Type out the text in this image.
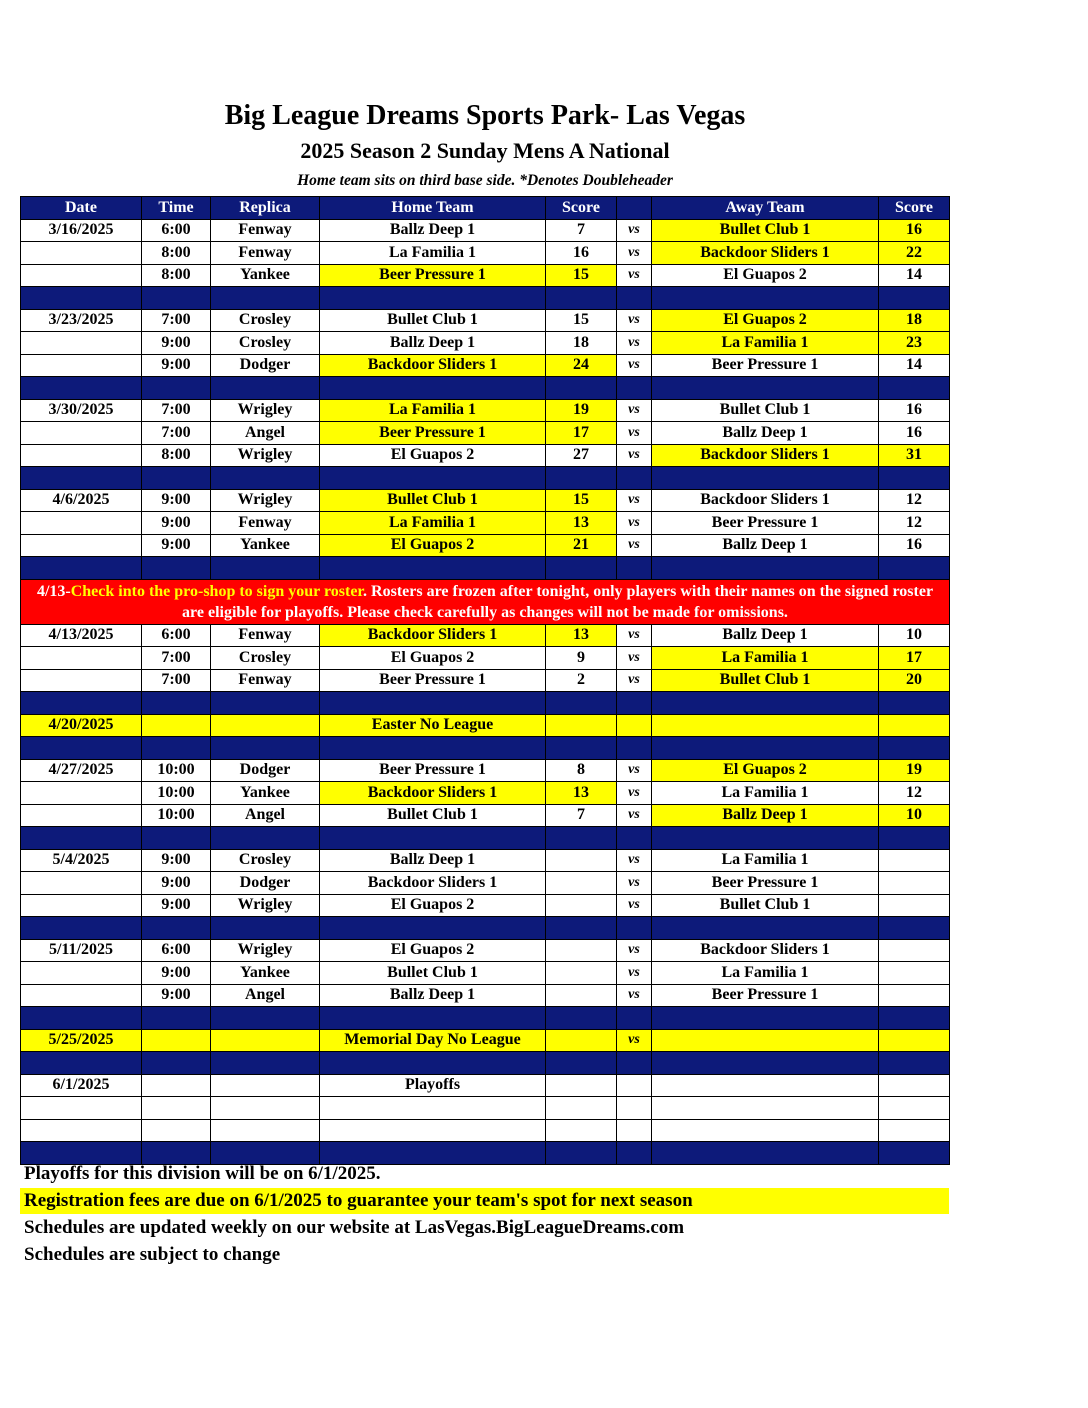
Big League Dreams Sports Park- Las Vegas
2025 Season 2 Sunday Mens A National
Home team sits on third base side. *Denotes Doubleheader
Date	Time	Replica	Home Team	Score		Away Team	Score
3/16/2025	6:00	Fenway	Ballz Deep 1	7	vs	Bullet Club 1	16
	8:00	Fenway	La Familia 1	16	vs	Backdoor Sliders 1	22
	8:00	Yankee	Beer Pressure 1	15	vs	El Guapos 2	14

3/23/2025	7:00	Crosley	Bullet Club 1	15	vs	El Guapos 2	18
	9:00	Crosley	Ballz Deep 1	18	vs	La Familia 1	23
	9:00	Dodger	Backdoor Sliders 1	24	vs	Beer Pressure 1	14

3/30/2025	7:00	Wrigley	La Familia 1	19	vs	Bullet Club 1	16
	7:00	Angel	Beer Pressure 1	17	vs	Ballz Deep 1	16
	8:00	Wrigley	El Guapos 2	27	vs	Backdoor Sliders 1	31

4/6/2025	9:00	Wrigley	Bullet Club 1	15	vs	Backdoor Sliders 1	12
	9:00	Fenway	La Familia 1	13	vs	Beer Pressure 1	12
	9:00	Yankee	El Guapos 2	21	vs	Ballz Deep 1	16

4/13-Check into the pro-shop to sign your roster. Rosters are frozen after tonight, only players with their names on the signed roster are eligible for playoffs. Please check carefully as changes will not be made for omissions.							
4/13/2025	6:00	Fenway	Backdoor Sliders 1	13	vs	Ballz Deep 1	10
	7:00	Crosley	El Guapos 2	9	vs	La Familia 1	17
	7:00	Fenway	Beer Pressure 1	2	vs	Bullet Club 1	20

4/20/2025			Easter No League				

4/27/2025	10:00	Dodger	Beer Pressure 1	8	vs	El Guapos 2	19
	10:00	Yankee	Backdoor Sliders 1	13	vs	La Familia 1	12
	10:00	Angel	Bullet Club 1	7	vs	Ballz Deep 1	10

5/4/2025	9:00	Crosley	Ballz Deep 1		vs	La Familia 1	
	9:00	Dodger	Backdoor Sliders 1		vs	Beer Pressure 1	
	9:00	Wrigley	El Guapos 2		vs	Bullet Club 1	

5/11/2025	6:00	Wrigley	El Guapos 2		vs	Backdoor Sliders 1	
	9:00	Yankee	Bullet Club 1		vs	La Familia 1	
	9:00	Angel	Ballz Deep 1		vs	Beer Pressure 1	

5/25/2025			Memorial Day No League		vs		

6/1/2025			Playoffs				

Playoffs for this division will be on 6/1/2025.
Registration fees are due on 6/1/2025 to guarantee your team's spot for next season
Schedules are updated weekly on our website at LasVegas.BigLeagueDreams.com
Schedules are subject to change
